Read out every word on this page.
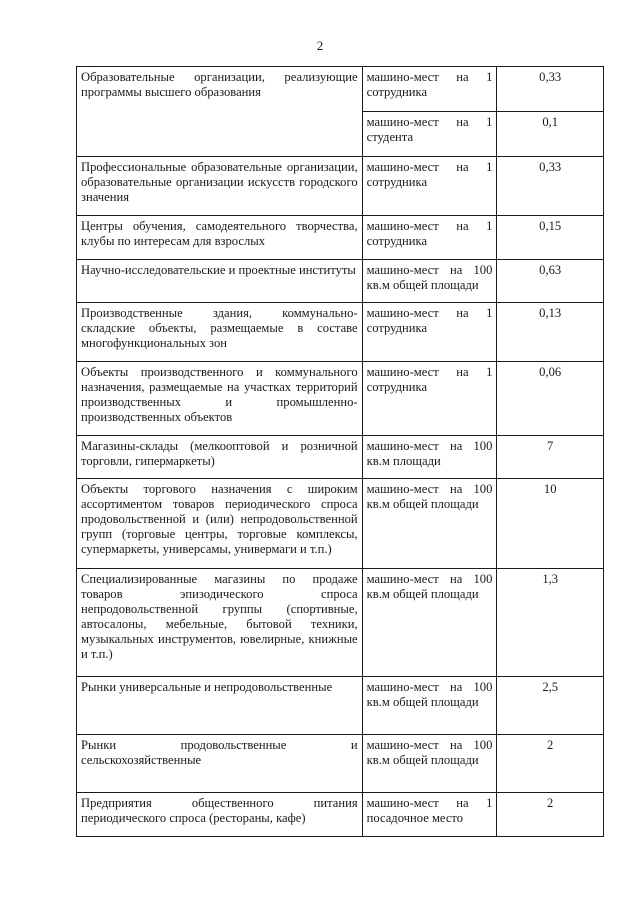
2
Образовательные организации, реализующие программы высшего образования	машино-мест на 1 сотрудника	0,33
	машино-мест на 1 студента	0,1
Профессиональные образовательные организации, образовательные организации искусств городского значения	машино-мест на 1 сотрудника	0,33
Центры обучения, самодеятельного творчества, клубы по интересам для взрослых	машино-мест на 1 сотрудника	0,15
Научно-исследовательские и проектные институты	машино-мест на 100 кв.м общей площади	0,63
Производственные здания, коммунально-складские объекты, размещаемые в составе многофункциональных зон	машино-мест на 1 сотрудника	0,13
Объекты производственного и коммунального назначения, размещаемые на участках территорий производственных и промышленно-производственных объектов	машино-мест на 1 сотрудника	0,06
Магазины-склады (мелкооптовой и розничной торговли, гипермаркеты)	машино-мест на 100 кв.м площади	7
Объекты торгового назначения с широким ассортиментом товаров периодического спроса продовольственной и (или) непродовольственной групп (торговые центры, торговые комплексы, супермаркеты, универсамы, универмаги и т.п.)	машино-мест на 100 кв.м общей площади	10
Специализированные магазины по продаже товаров эпизодического спроса непродовольственной группы (спортивные, автосалоны, мебельные, бытовой техники, музыкальных инструментов, ювелирные, книжные и т.п.)	машино-мест на 100 кв.м общей площади	1,3
Рынки универсальные и непродовольственные	машино-мест на 100 кв.м общей площади	2,5
Рынки продовольственные и сельскохозяйственные	машино-мест на 100 кв.м общей площади	2
Предприятия общественного питания периодического спроса (рестораны, кафе)	машино-мест на 1 посадочное место	2
